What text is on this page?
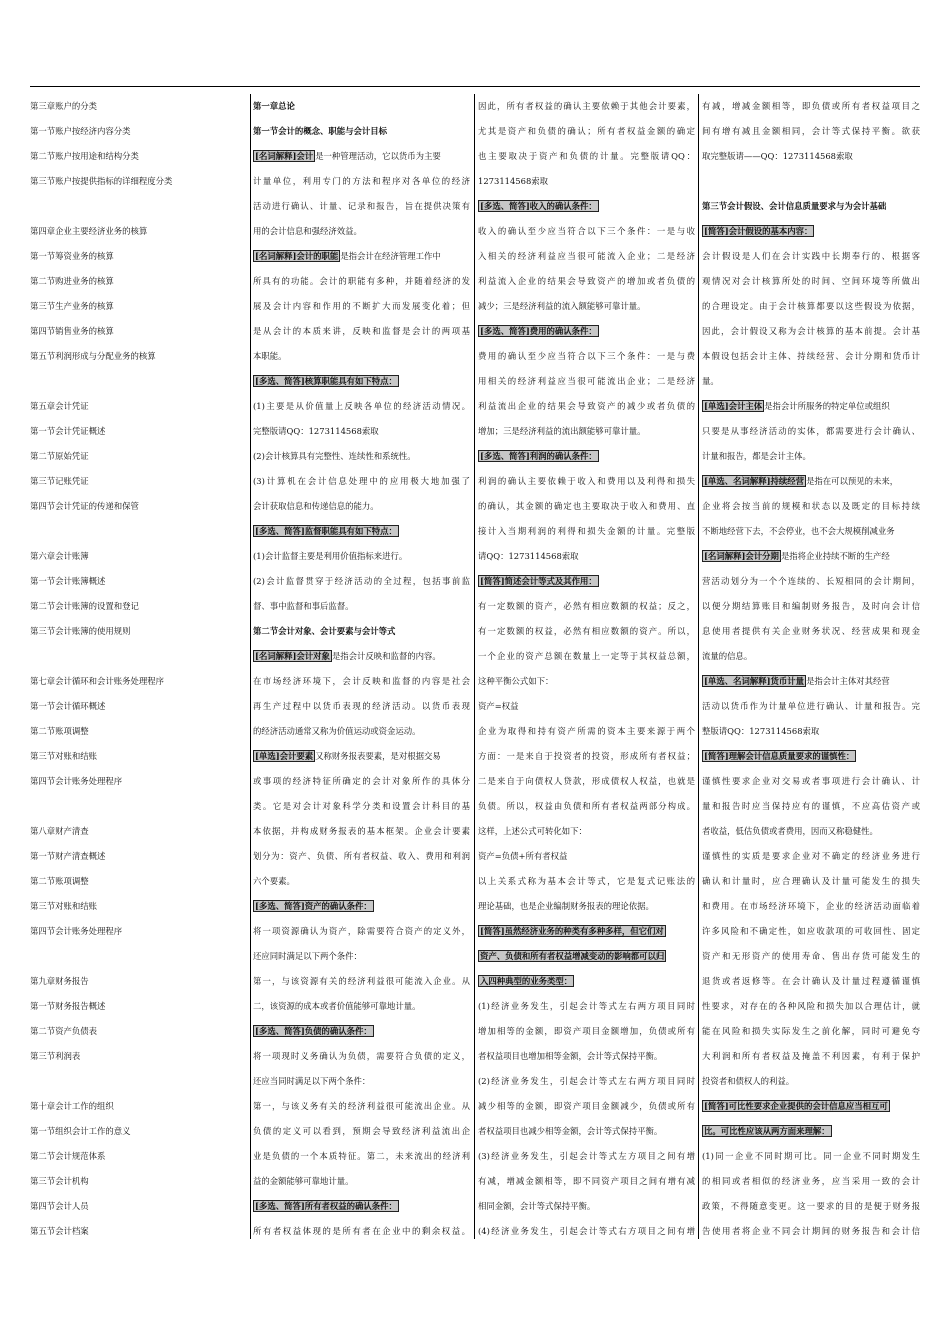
第三章账户的分类
第一节账户按经济内容分类
第二节账户按用途和结构分类
第三节账户按提供指标的详细程度分类
第四章企业主要经济业务的核算
第一节筹资业务的核算
第二节购进业务的核算
第三节生产业务的核算
第四节销售业务的核算
第五节利润形成与分配业务的核算
第五章会计凭证
第一节会计凭证概述
第二节原始凭证
第三节记账凭证
第四节会计凭证的传递和保管
第六章会计账簿
第一节会计账簿概述
第二节会计账簿的设置和登记
第三节会计账簿的使用规则
第七章会计循环和会计账务处理程序
第一节会计循环概述
第二节账项调整
第三节对账和结账
第四节会计账务处理程序
第八章财产清查
第一节财产清查概述
第二节账项调整
第三节对账和结账
第四节会计账务处理程序
第九章财务报告
第一节财务报告概述
第二节资产负债表
第三节利润表
第十章会计工作的组织
第一节组织会计工作的意义
第二节会计规范体系
第三节会计机构
第四节会计人员
第五节会计档案
第一章总论
第一节会计的概念、职能与会计目标
[名词解释]会计 是一种管理活动，它以货币为主要
计量单位，利用专门的方法和程序对各单位的经济
活动进行确认、计量、记录和报告，旨在提供决策有
用的会计信息和强经济效益。
[名词解释]会计的职能 是指会计在经济管理工作中
所具有的功能。会计的职能有多种，并随着经济的发
展及会计内容和作用的不断扩大而发展变化着；但
是从会计的本质来讲，反映和监督是会计的两项基
本职能。
[多选、简答]核算职能具有如下特点：
(1)主要是从价值量上反映各单位的经济活动情况。
完整版请QQ：1273114568索取
(2)会计核算具有完整性、连续性和系统性。
(3)计算机在会计信息处理中的应用极大地加强了
会计获取信息和传递信息的能力。
[多选、简答]监督职能具有如下特点：
(1)会计监督主要是利用价值指标来进行。
(2)会计监督贯穿于经济活动的全过程，包括事前监
督、事中监督和事后监督。
第二节会计对象、会计要素与会计等式
[名词解释]会计对象 是指会计反映和监督的内容。
在市场经济环境下，会计反映和监督的内容是社会
再生产过程中以货币表现的经济活动。以货币表现
的经济活动通常又称为价值运动或资金运动。
[单选]会计要素 又称财务报表要素，是对根据交易
或事项的经济特征所确定的会计对象所作的具体分
类。它是对会计对象科学分类和设置会计科目的基
本依据，并构成财务报表的基本框架。企业会计要素
划分为：资产、负债、所有者权益、收入、费用和利润
六个要素。
[多选、简答]资产的确认条件：
将一项资源确认为资产，除需要符合资产的定义外，
还应同时满足以下两个条件：
第一，与该资源有关的经济利益很可能流入企业。从
二，该资源的成本或者价值能够可靠地计量。
[多选、简答]负债的确认条件：
将一项现时义务确认为负债，需要符合负债的定义，
还应当同时满足以下两个条件：
第一，与该义务有关的经济利益很可能流出企业。从
负债的定义可以看到，预期会导致经济利益流出企
业是负债的一个本质特征。第二，未来流出的经济利
益的金额能够可靠地计量。
[多选、简答]所有者权益的确认条件：
所有者权益体现的是所有者在企业中的剩余权益。
因此，所有者权益的确认主要依赖于其他会计要素，
尤其是资产和负债的确认；所有者权益金额的确定
也主要取决于资产和负债的计量。完整版请QQ：
1273114568索取
[多选、简答]收入的确认条件：
收入的确认至少应当符合以下三个条件：一是与收
入相关的经济利益应当很可能流入企业；二是经济
利益流入企业的结果会导致资产的增加或者负债的
减少；三是经济利益的流入额能够可靠计量。
[多选、简答]费用的确认条件：
费用的确认至少应当符合以下三个条件：一是与费
用相关的经济利益应当很可能流出企业；二是经济
利益流出企业的结果会导致资产的减少或者负债的
增加；三是经济利益的流出额能够可靠计量。
[多选、简答]利润的确认条件：
利润的确认主要依赖于收入和费用以及利得和损失
的确认，其金额的确定也主要取决于收入和费用、直
接计入当期利润的利得和损失金额的计量。完整版
请QQ：1273114568索取
[简答]简述会计等式及其作用：
有一定数额的资产，必然有相应数额的权益；反之，
有一定数额的权益，必然有相应数额的资产。所以，
一个企业的资产总额在数量上一定等于其权益总额，
这种平衡公式如下：
资产=权益
企业为取得和持有资产所需的资本主要来源于两个
方面：一是来自于投资者的投资，形成所有者权益；
二是来自于向债权人贷款，形成债权人权益，也就是
负债。所以，权益由负债和所有者权益两部分构成。
这样，上述公式可转化如下：
资产=负债+所有者权益
以上关系式称为基本会计等式，它是复式记账法的
理论基础，也是企业编制财务报表的理论依据。
[简答]虽然经济业务的种类有多种多样，但它们对
资产、负债和所有者权益增减变动的影响都可以归
入四种典型的业务类型：
(1)经济业务发生，引起会计等式左右两方项目同时
增加相等的金额，即资产项目金额增加，负债或所有
者权益项目也增加相等金额，会计等式保持平衡。
(2)经济业务发生，引起会计等式左右两方项目同时
减少相等的金额，即资产项目金额减少，负债或所有
者权益项目也减少相等金额，会计等式保持平衡。
(3)经济业务发生，引起会计等式左方项目之间有增
有减，增减金额相等，即不同资产项目之间有增有减
相同金额，会计等式保持平衡。
(4)经济业务发生，引起会计等式右方项目之间有增
有减，增减金额相等，即负债或所有者权益项目之
间有增有减且金额相同，会计等式保持平衡。欲获
取完整版请——QQ：1273114568索取
第三节会计假设、会计信息质量要求与为会计基础
[简答]会计假设的基本内容：
会计假设是人们在会计实践中长期奉行的、根据客
观情况对会计核算所处的时间、空间环境等所做出
的合理设定。由于会计核算都要以这些假设为依据，
因此，会计假设又称为会计核算的基本前提。会计基
本假设包括会计主体、持续经营、会计分期和货币计
量。
[单选]会计主体 是指会计所服务的特定单位或组织
只要是从事经济活动的实体，都需要进行会计确认、
计量和报告，都是会计主体。
[单选、名词解释]持续经营 是指在可以预见的未来，
企业将会按当前的规模和状态以及既定的目标持续
不断地经营下去，不会停业，也不会大规模削减业务
[名词解释]会计分期 是指将企业持续不断的生产经
营活动划分为一个个连续的、长短相同的会计期间，
以便分期结算账目和编制财务报告，及时向会计信
息使用者提供有关企业财务状况、经营成果和现金
流量的信息。
[单选、名词解释]货币计量 是指会计主体对其经营
活动以货币作为计量单位进行确认、计量和报告。完
整版请QQ：1273114568索取
[简答]理解会计信息质量要求的谨慎性：
谨慎性要求企业对交易或者事项进行会计确认、计
量和报告时应当保持应有的谨慎，不应高估资产或
者收益，低估负债或者费用，因而又称稳健性。
谨慎性的实质是要求企业对不确定的经济业务进行
确认和计量时，应合理确认及计量可能发生的损失
和费用。在市场经济环境下，企业的经济活动面临着
许多风险和不确定性，如应收款项的可收回性、固定
资产和无形资产的使用寿命、售出存货可能发生的
退货或者返修等。在会计确认及计量过程遵循谨慎
性要求，对存在的各种风险和损失加以合理估计，就
能在风险和损失实际发生之前化解，同时可避免夸
大利润和所有者权益及掩盖不利因素，有利于保护
投资者和债权人的利益。
[简答]可比性要求企业提供的会计信息应当相互可
比。可比性应该从两方面来理解：
(1)同一企业不同时期可比。同一企业不同时期发生
的相同或者相似的经济业务，应当采用一致的会计
政策，不得随意变更。这一要求的目的是便于财务报
告使用者将企业不同会计期间的财务报告和会计信
